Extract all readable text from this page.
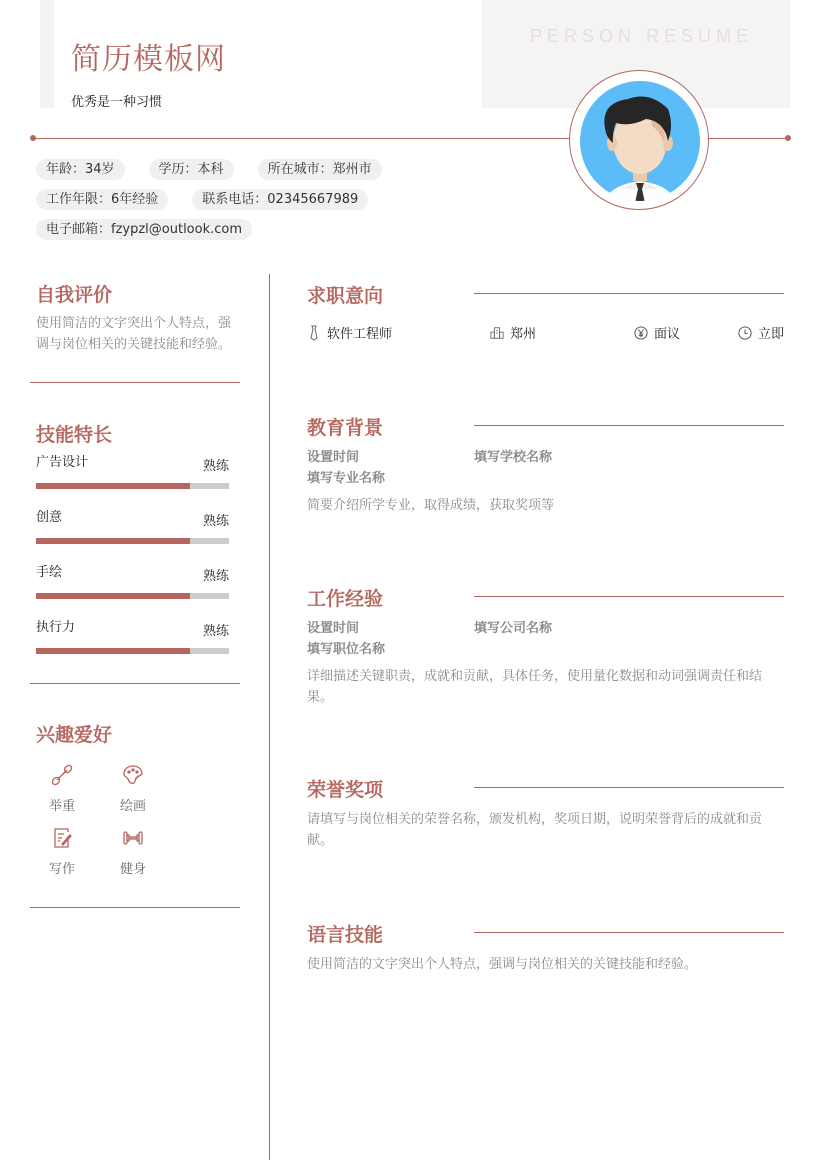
简历模板网
优秀是一种习惯
PERSON RESUME
年龄：34岁	学历：本科	所在城市：郑州市
工作年限：6年经验	联系电话：02345667989
电子邮箱：fzypzl@outlook.com
自我评价

使用简洁的文字突出个人特点，强调与岗位相关的关键技能和经验。

技能特长
广告设计	熟练
创意	熟练
手绘	熟练
执行力	熟练
兴趣爱好
举重	绘画
写作	健身
求职意向
软件工程师	郑州	面议	立即
教育背景
设置时间	填写学校名称
填写专业名称

简要介绍所学专业，取得成绩，获取奖项等

工作经验
设置时间	填写公司名称
填写职位名称

详细描述关键职责，成就和贡献，具体任务，使用量化数据和动词强调责任和结果。

荣誉奖项

请填写与岗位相关的荣誉名称，颁发机构，奖项日期，说明荣誉背后的成就和贡献。

语言技能

使用简洁的文字突出个人特点，强调与岗位相关的关键技能和经验。
